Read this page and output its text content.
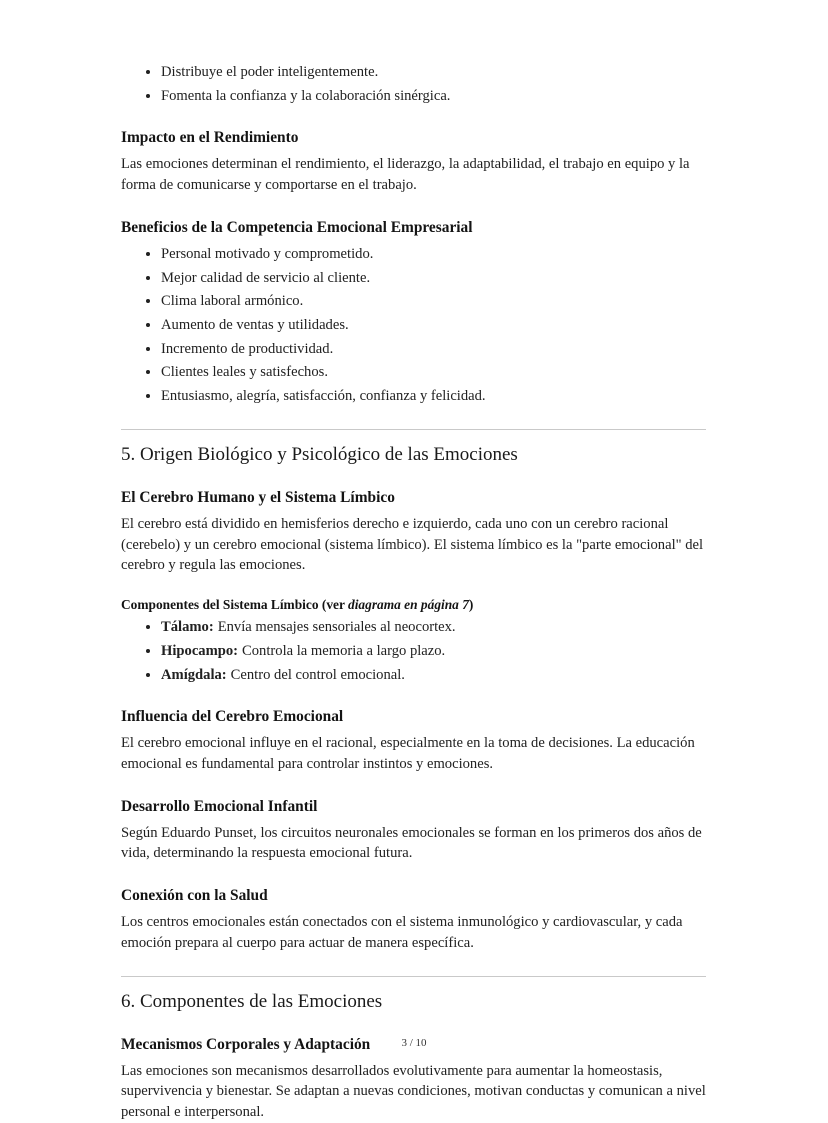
• Distribuye el poder inteligentemente.
• Fomenta la confianza y la colaboración sinérgica.
Impacto en el Rendimiento

Las emociones determinan el rendimiento, el liderazgo, la adaptabilidad, el trabajo en equipo y la forma de comunicarse y comportarse en el trabajo.

Beneficios de la Competencia Emocional Empresarial
• Personal motivado y comprometido.
• Mejor calidad de servicio al cliente.
• Clima laboral armónico.
• Aumento de ventas y utilidades.
• Incremento de productividad.
• Clientes leales y satisfechos.
• Entusiasmo, alegría, satisfacción, confianza y felicidad.
5. Origen Biológico y Psicológico de las Emociones
El Cerebro Humano y el Sistema Límbico

El cerebro está dividido en hemisferios derecho e izquierdo, cada uno con un cerebro racional (cerebelo) y un cerebro emocional (sistema límbico). El sistema límbico es la "parte emocional" del cerebro y regula las emociones.

Componentes del Sistema Límbico (ver diagrama en página 7)
• Tálamo: Envía mensajes sensoriales al neocortex.
• Hipocampo: Controla la memoria a largo plazo.
• Amígdala: Centro del control emocional.
Influencia del Cerebro Emocional

El cerebro emocional influye en el racional, especialmente en la toma de decisiones. La educación emocional es fundamental para controlar instintos y emociones.

Desarrollo Emocional Infantil

Según Eduardo Punset, los circuitos neuronales emocionales se forman en los primeros dos años de vida, determinando la respuesta emocional futura.

Conexión con la Salud

Los centros emocionales están conectados con el sistema inmunológico y cardiovascular, y cada emoción prepara al cuerpo para actuar de manera específica.

6. Componentes de las Emociones
Mecanismos Corporales y Adaptación

Las emociones son mecanismos desarrollados evolutivamente para aumentar la homeostasis, supervivencia y bienestar. Se adaptan a nuevas condiciones, motivan conductas y comunican a nivel personal e interpersonal.

3 / 10
